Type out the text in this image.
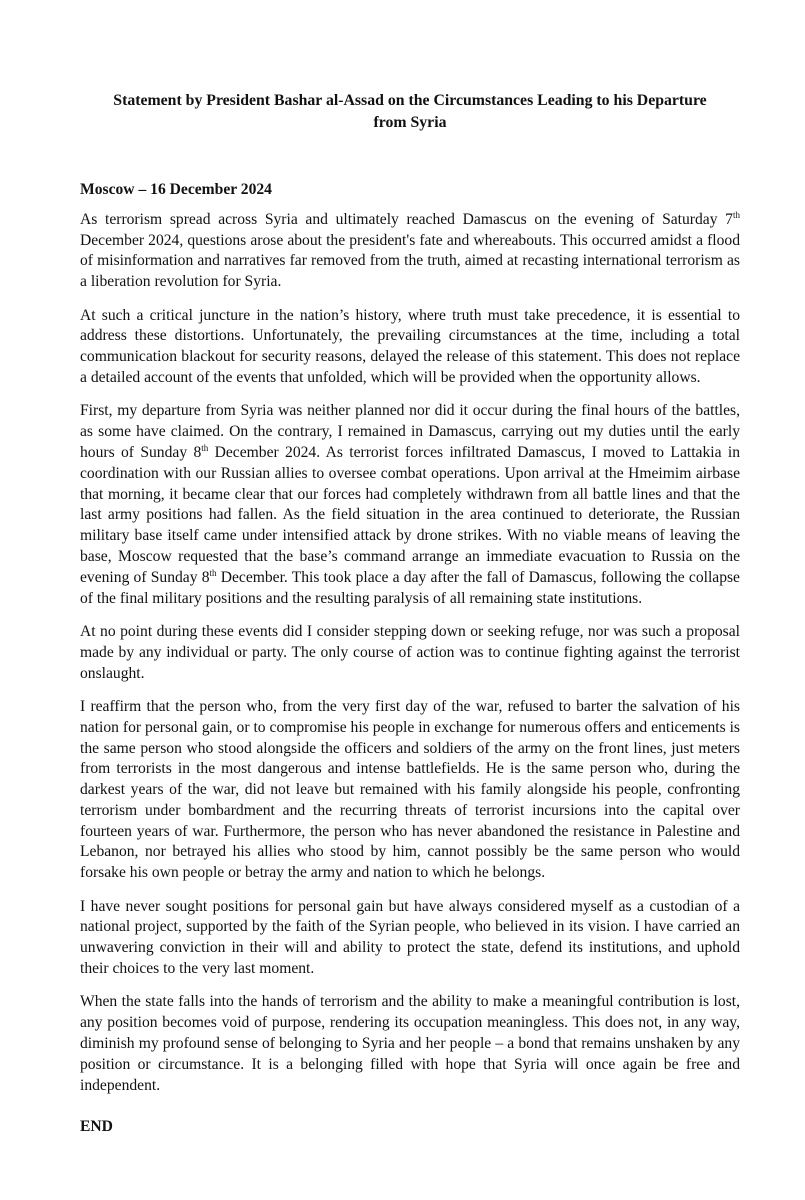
Statement by President Bashar al-Assad on the Circumstances Leading to his Departure from Syria
Moscow – 16 December 2024

As terrorism spread across Syria and ultimately reached Damascus on the evening of Saturday 7th December 2024, questions arose about the president's fate and whereabouts. This occurred amidst a flood of misinformation and narratives far removed from the truth, aimed at recasting international terrorism as a liberation revolution for Syria.

At such a critical juncture in the nation’s history, where truth must take precedence, it is essential to address these distortions. Unfortunately, the prevailing circumstances at the time, including a total communication blackout for security reasons, delayed the release of this statement. This does not replace a detailed account of the events that unfolded, which will be provided when the opportunity allows.

First, my departure from Syria was neither planned nor did it occur during the final hours of the battles, as some have claimed. On the contrary, I remained in Damascus, carrying out my duties until the early hours of Sunday 8th December 2024. As terrorist forces infiltrated Damascus, I moved to Lattakia in coordination with our Russian allies to oversee combat operations. Upon arrival at the Hmeimim airbase that morning, it became clear that our forces had completely withdrawn from all battle lines and that the last army positions had fallen. As the field situation in the area continued to deteriorate, the Russian military base itself came under intensified attack by drone strikes. With no viable means of leaving the base, Moscow requested that the base’s command arrange an immediate evacuation to Russia on the evening of Sunday 8th December. This took place a day after the fall of Damascus, following the collapse of the final military positions and the resulting paralysis of all remaining state institutions.

At no point during these events did I consider stepping down or seeking refuge, nor was such a proposal made by any individual or party. The only course of action was to continue fighting against the terrorist onslaught.

I reaffirm that the person who, from the very first day of the war, refused to barter the salvation of his nation for personal gain, or to compromise his people in exchange for numerous offers and enticements is the same person who stood alongside the officers and soldiers of the army on the front lines, just meters from terrorists in the most dangerous and intense battlefields. He is the same person who, during the darkest years of the war, did not leave but remained with his family alongside his people, confronting terrorism under bombardment and the recurring threats of terrorist incursions into the capital over fourteen years of war. Furthermore, the person who has never abandoned the resistance in Palestine and Lebanon, nor betrayed his allies who stood by him, cannot possibly be the same person who would forsake his own people or betray the army and nation to which he belongs.

I have never sought positions for personal gain but have always considered myself as a custodian of a national project, supported by the faith of the Syrian people, who believed in its vision. I have carried an unwavering conviction in their will and ability to protect the state, defend its institutions, and uphold their choices to the very last moment.

When the state falls into the hands of terrorism and the ability to make a meaningful contribution is lost, any position becomes void of purpose, rendering its occupation meaningless. This does not, in any way, diminish my profound sense of belonging to Syria and her people – a bond that remains unshaken by any position or circumstance. It is a belonging filled with hope that Syria will once again be free and independent.

END
